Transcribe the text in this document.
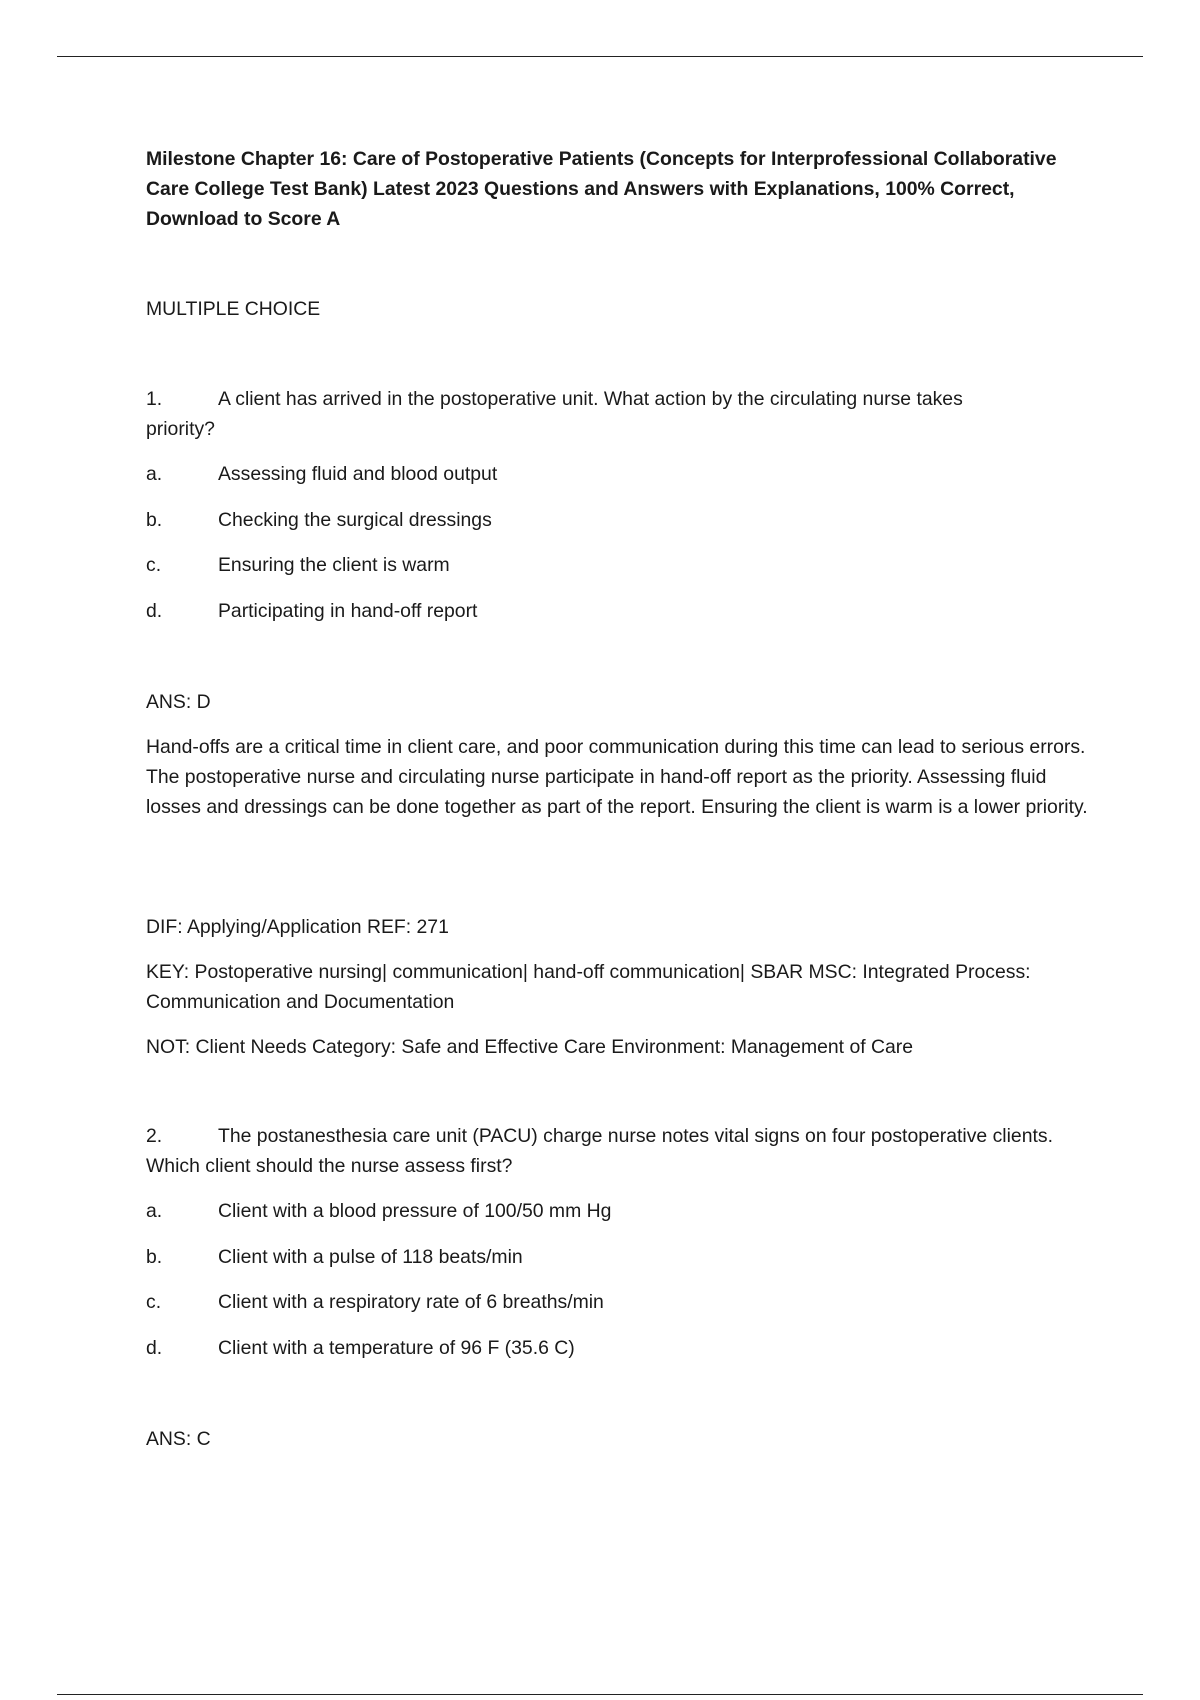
Milestone Chapter 16: Care of Postoperative Patients (Concepts for Interprofessional Collaborative Care College Test Bank) Latest 2023 Questions and Answers with Explanations, 100% Correct, Download to Score A
MULTIPLE CHOICE
1.	A client has arrived in the postoperative unit. What action by the circulating nurse takes
priority?
a.	Assessing fluid and blood output
b.	Checking the surgical dressings
c.	Ensuring the client is warm
d.	Participating in hand-off report
ANS: D
Hand-offs are a critical time in client care, and poor communication during this time can lead to serious errors. The postoperative nurse and circulating nurse participate in hand-off report as the priority. Assessing fluid losses and dressings can be done together as part of the report. Ensuring the client is warm is a lower priority.
DIF: Applying/Application REF: 271
KEY: Postoperative nursing| communication| hand-off communication| SBAR MSC: Integrated Process: Communication and Documentation
NOT: Client Needs Category: Safe and Effective Care Environment: Management of Care
2.	The postanesthesia care unit (PACU) charge nurse notes vital signs on four postoperative clients.
Which client should the nurse assess first?
a.	Client with a blood pressure of 100/50 mm Hg
b.	Client with a pulse of 118 beats/min
c.	Client with a respiratory rate of 6 breaths/min
d.	Client with a temperature of 96 F (35.6 C)
ANS: C
